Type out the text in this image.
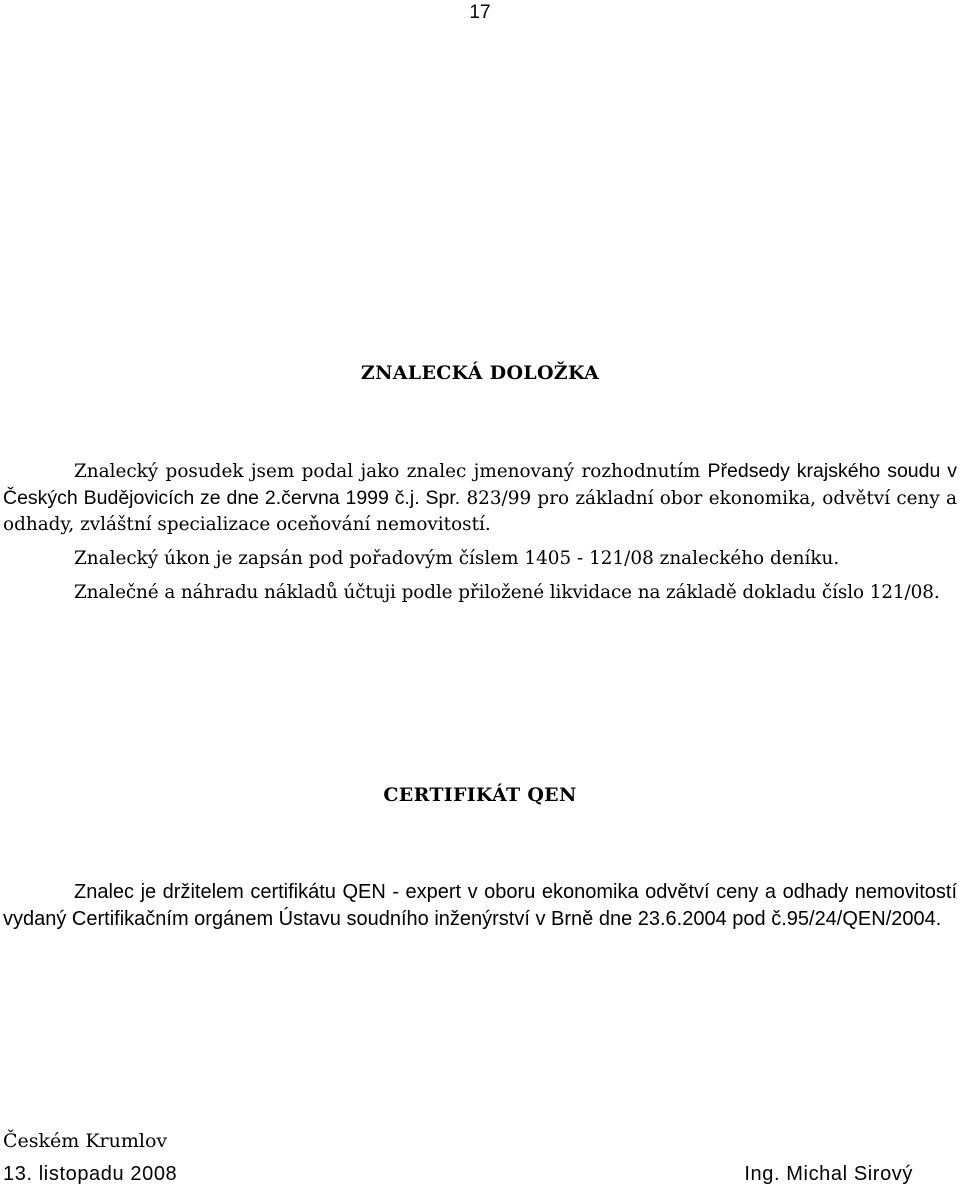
17
ZNALECKÁ DOLOŽKA

Znalecký posudek jsem podal jako znalec jmenovaný rozhodnutím Předsedy krajského soudu v Českých Budějovicích ze dne 2.června 1999 č.j. Spr. 823/99 pro základní obor ekonomika, odvětví ceny a odhady, zvláštní specializace oceňování nemovitostí.

Znalecký úkon je zapsán pod pořadovým číslem 1405 - 121/08 znaleckého deníku.

Znalečné a náhradu nákladů účtuji podle přiložené likvidace na základě dokladu číslo 121/08.

CERTIFIKÁT QEN

Znalec je držitelem certifikátu QEN - expert v oboru ekonomika odvětví ceny a odhady nemovitostí vydaný Certifikačním orgánem Ústavu soudního inženýrství v Brně dne 23.6.2004 pod č.95/24/QEN/2004.

Českém Krumlov
13. listopadu 2008	Ing. Michal Sirový
